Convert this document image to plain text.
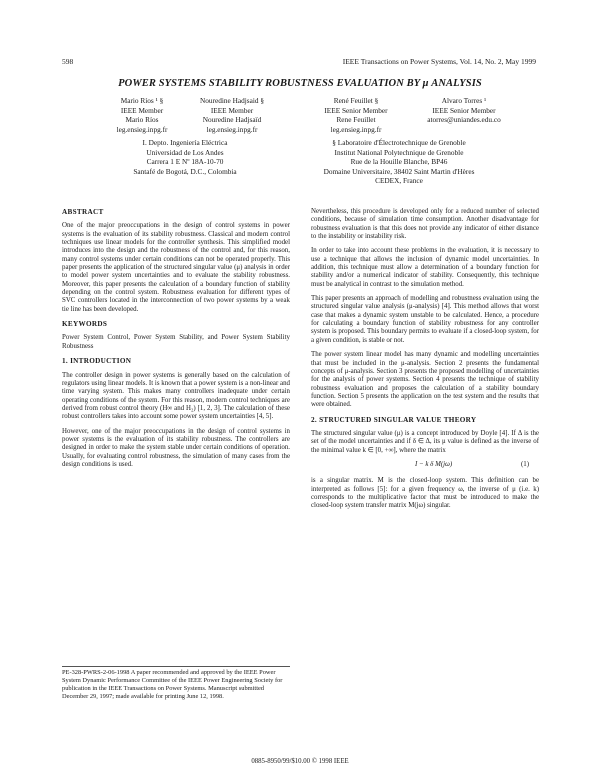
598	IEEE Transactions on Power Systems, Vol. 14, No. 2, May 1999
POWER SYSTEMS STABILITY ROBUSTNESS EVALUATION BY μ ANALYSIS
Mario Ríos ¹ §
IEEE Member
Mario Ríos
leg.ensieg.inpg.fr
Nouredine Hadjsaid §
IEEE Member
Nouredine Hadjsaïd
leg.ensieg.inpg.fr
René Feuillet §
IEEE Senior Member
Rene Feuillet
leg.ensieg.inpg.fr
Alvaro Torres ¹
IEEE Senior Member
atorres@uniandes.edu.co
I. Depto. Ingeniería Eléctrica
Universidad de Los Andes
Carrera 1 E Nº 18A-10-70
Santafé de Bogotá, D.C., Colombia
§ Laboratoire d'Électrotechnique de Grenoble
Institut National Polytechnique de Grenoble
Rue de la Houille Blanche, BP46
Domaine Universitaire, 38402 Saint Martin d'Hères
CEDEX, France
ABSTRACT

One of the major preoccupations in the design of control systems in power systems is the evaluation of its stability robustness. Classical and modern control techniques use linear models for the controller synthesis. This simplified model introduces into the design and the robustness of the control and, for this reason, many control systems under certain conditions can not be operated properly. This paper presents the application of the structured singular value (μ) analysis in order to model power system uncertainties and to evaluate the stability robustness. Moreover, this paper presents the calculation of a boundary function of stability depending on the control system. Robustness evaluation for different types of SVC controllers located in the interconnection of two power systems by a weak tie line has been developed.

KEYWORDS

Power System Control, Power System Stability, and Power System Stability Robustness

1. INTRODUCTION

The controller design in power systems is generally based on the calculation of regulators using linear models. It is known that a power system is a non-linear and time varying system. This makes many controllers inadequate under certain operating conditions of the system. For this reason, modern control techniques are derived from robust control theory (H∞ and H₂) [1, 2, 3]. The calculation of these robust controllers takes into account some power system uncertainties [4, 5].

However, one of the major preoccupations in the design of control systems in power systems is the evaluation of its stability robustness. The controllers are designed in order to make the system stable under certain conditions of operation. Usually, for evaluating control robustness, the simulation of many cases from the design conditions is used.

PE-328-PWRS-2-06-1998 A paper recommended and approved by the IEEE Power System Dynamic Performance Committee of the IEEE Power Engineering Society for publication in the IEEE Transactions on Power Systems. Manuscript submitted December 29, 1997; made available for printing June 12, 1998.

Nevertheless, this procedure is developed only for a reduced number of selected conditions, because of simulation time consumption. Another disadvantage for robustness evaluation is that this does not provide any indicator of either distance to the instability or instability risk.

In order to take into account these problems in the evaluation, it is necessary to use a technique that allows the inclusion of dynamic model uncertainties. In addition, this technique must allow a determination of a boundary function for stability and/or a numerical indicator of stability. Consequently, this technique must be analytical in contrast to the simulation method.

This paper presents an approach of modelling and robustness evaluation using the structured singular value analysis (μ-analysis) [4]. This method allows that worst case that makes a dynamic system unstable to be calculated. Hence, a procedure for calculating a boundary function of stability robustness for any controller system is proposed. This boundary permits to evaluate if a closed-loop system, for a given condition, is stable or not.

The power system linear model has many dynamic and modelling uncertainties that must be included in the μ-analysis. Section 2 presents the fundamental concepts of μ-analysis. Section 3 presents the proposed modelling of uncertainties for the analysis of power systems. Section 4 presents the technique of stability robustness evaluation and proposes the calculation of a stability boundary function. Section 5 presents the application on the test system and the results that were obtained.

2. STRUCTURED SINGULAR VALUE THEORY

The structured singular value (μ) is a concept introduced by Doyle [4]. If Δ is the set of the model uncertainties and if δ ∈ Δ, its μ value is defined as the inverse of the minimal value k ∈ [0, +∞], where the matrix

I − k δ M(jω)	(1)

is a singular matrix. M is the closed-loop system. This definition can be interpreted as follows [5]: for a given frequency ω, the inverse of μ (i.e. k) corresponds to the multiplicative factor that must be introduced to make the closed-loop system transfer matrix M(jω) singular.

0885-8950/99/$10.00 © 1998 IEEE
